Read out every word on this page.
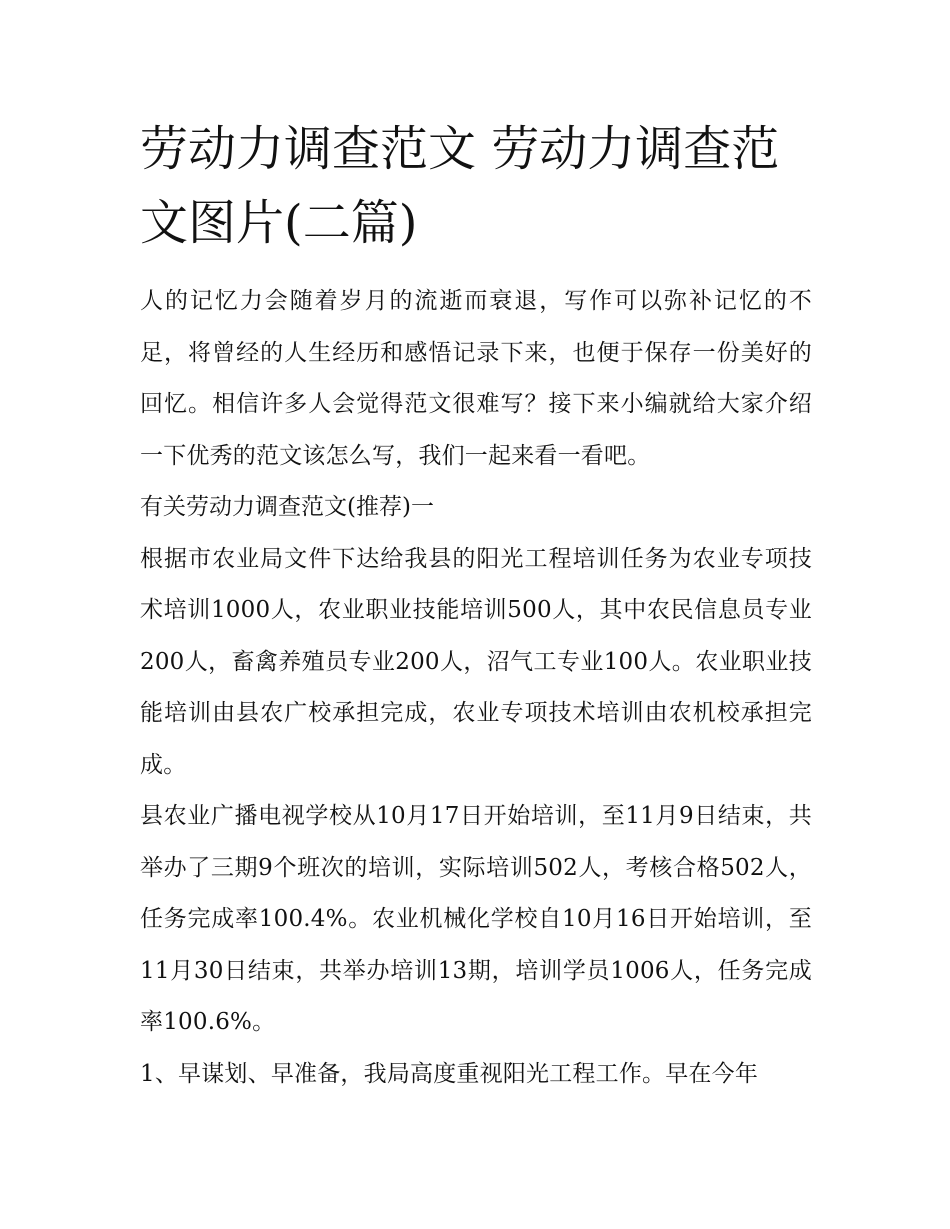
劳动力调查范文 劳动力调查范文图片(二篇)

人的记忆力会随着岁月的流逝而衰退，写作可以弥补记忆的不足，将曾经的人生经历和感悟记录下来，也便于保存一份美好的回忆。相信许多人会觉得范文很难写？接下来小编就给大家介绍一下优秀的范文该怎么写，我们一起来看一看吧。

有关劳动力调查范文(推荐)一

根据市农业局文件下达给我县的阳光工程培训任务为农业专项技术培训1000人，农业职业技能培训500人，其中农民信息员专业200人，畜禽养殖员专业200人，沼气工专业100人。农业职业技能培训由县农广校承担完成，农业专项技术培训由农机校承担完成。

县农业广播电视学校从10月17日开始培训，至11月9日结束，共举办了三期9个班次的培训，实际培训502人，考核合格502人，任务完成率100.4%。农业机械化学校自10月16日开始培训，至11月30日结束，共举办培训13期，培训学员1006人，任务完成率100.6%。

1、早谋划、早准备，我局高度重视阳光工程工作。早在今年
